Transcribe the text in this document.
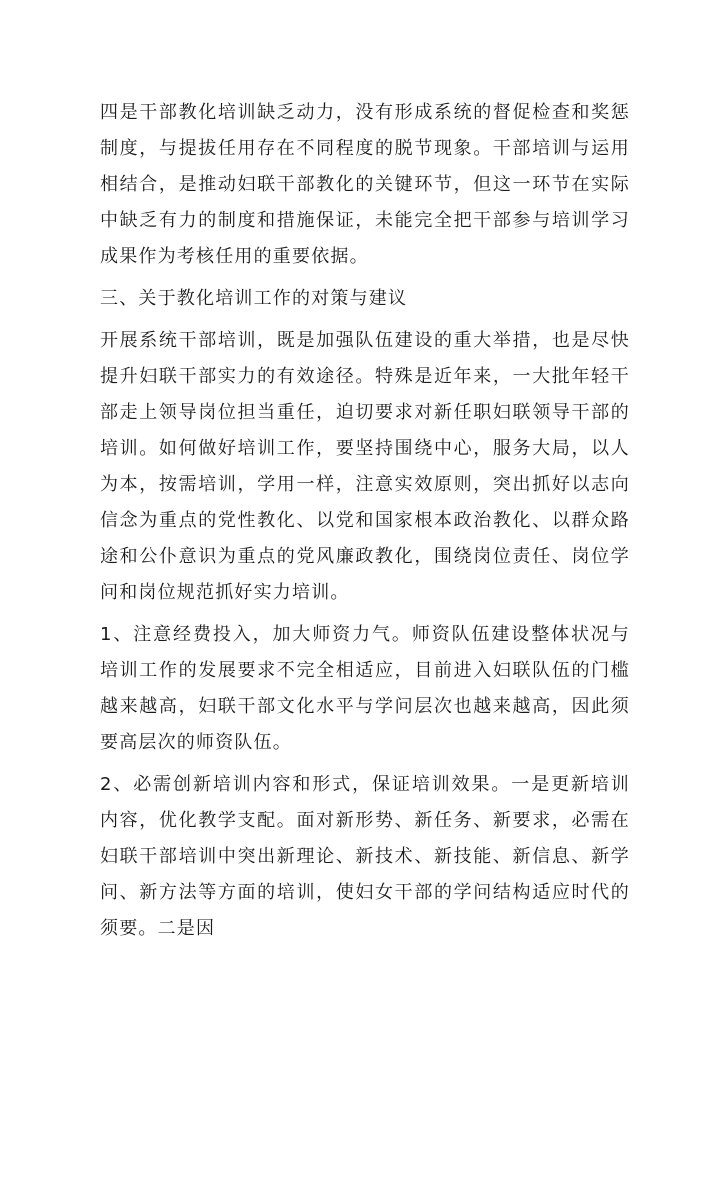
四是干部教化培训缺乏动力，没有形成系统的督促检查和奖惩制度，与提拔任用存在不同程度的脱节现象。干部培训与运用相结合，是推动妇联干部教化的关键环节，但这一环节在实际中缺乏有力的制度和措施保证，未能完全把干部参与培训学习成果作为考核任用的重要依据。

三、关于教化培训工作的对策与建议

开展系统干部培训，既是加强队伍建设的重大举措，也是尽快提升妇联干部实力的有效途径。特殊是近年来，一大批年轻干部走上领导岗位担当重任，迫切要求对新任职妇联领导干部的培训。如何做好培训工作，要坚持围绕中心，服务大局，以人为本，按需培训，学用一样，注意实效原则，突出抓好以志向信念为重点的党性教化、以党和国家根本政治教化、以群众路途和公仆意识为重点的党风廉政教化，围绕岗位责任、岗位学问和岗位规范抓好实力培训。

1、注意经费投入，加大师资力气。师资队伍建设整体状况与培训工作的发展要求不完全相适应，目前进入妇联队伍的门槛越来越高，妇联干部文化水平与学问层次也越来越高，因此须要高层次的师资队伍。

2、必需创新培训内容和形式，保证培训效果。一是更新培训内容，优化教学支配。面对新形势、新任务、新要求，必需在妇联干部培训中突出新理论、新技术、新技能、新信息、新学问、新方法等方面的培训，使妇女干部的学问结构适应时代的须要。二是因
